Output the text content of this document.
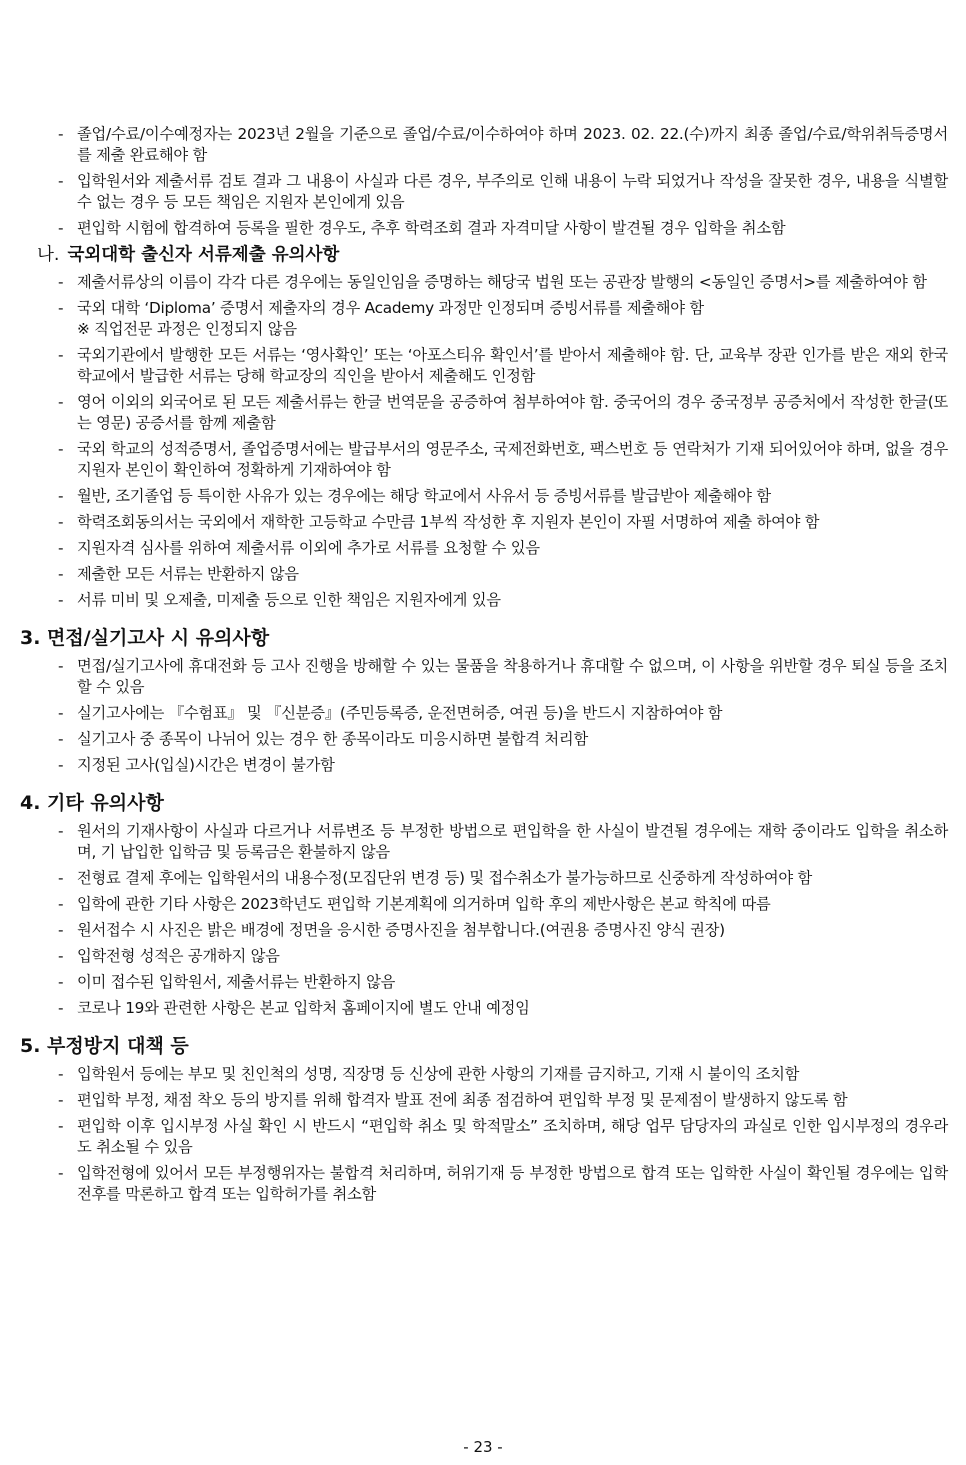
- 졸업/수료/이수예정자는 2023년 2월을 기준으로 졸업/수료/이수하여야 하며 2023. 02. 22.(수)까지 최종 졸업/수료/학위취득증명서를 제출 완료해야 함
- 입학원서와 제출서류 검토 결과 그 내용이 사실과 다른 경우, 부주의로 인해 내용이 누락 되었거나 작성을 잘못한 경우, 내용을 식별할 수 없는 경우 등 모든 책임은 지원자 본인에게 있음
- 편입학 시험에 합격하여 등록을 필한 경우도, 추후 학력조회 결과 자격미달 사항이 발견될 경우 입학을 취소함
나. 국외대학 출신자 서류제출 유의사항
- 제출서류상의 이름이 각각 다른 경우에는 동일인임을 증명하는 해당국 법원 또는 공관장 발행의 <동일인 증명서>를 제출하여야 함
- 국외 대학 ‘Diploma’ 증명서 제출자의 경우 Academy 과정만 인정되며 증빙서류를 제출해야 함
※ 직업전문 과정은 인정되지 않음
- 국외기관에서 발행한 모든 서류는 ‘영사확인’ 또는 ‘아포스티유 확인서’를 받아서 제출해야 함. 단, 교육부 장관 인가를 받은 재외 한국학교에서 발급한 서류는 당해 학교장의 직인을 받아서 제출해도 인정함
- 영어 이외의 외국어로 된 모든 제출서류는 한글 번역문을 공증하여 첨부하여야 함. 중국어의 경우 중국정부 공증처에서 작성한 한글(또는 영문) 공증서를 함께 제출함
- 국외 학교의 성적증명서, 졸업증명서에는 발급부서의 영문주소, 국제전화번호, 팩스번호 등 연락처가 기재 되어있어야 하며, 없을 경우 지원자 본인이 확인하여 정확하게 기재하여야 함
- 월반, 조기졸업 등 특이한 사유가 있는 경우에는 해당 학교에서 사유서 등 증빙서류를 발급받아 제출해야 함
- 학력조회동의서는 국외에서 재학한 고등학교 수만큼 1부씩 작성한 후 지원자 본인이 자필 서명하여 제출 하여야 함
- 지원자격 심사를 위하여 제출서류 이외에 추가로 서류를 요청할 수 있음
- 제출한 모든 서류는 반환하지 않음
- 서류 미비 및 오제출, 미제출 등으로 인한 책임은 지원자에게 있음
3. 면접/실기고사 시 유의사항
- 면접/실기고사에 휴대전화 등 고사 진행을 방해할 수 있는 물품을 착용하거나 휴대할 수 없으며, 이 사항을 위반할 경우 퇴실 등을 조치 할 수 있음
- 실기고사에는 『수험표』 및 『신분증』(주민등록증, 운전면허증, 여권 등)을 반드시 지참하여야 함
- 실기고사 중 종목이 나뉘어 있는 경우 한 종목이라도 미응시하면 불합격 처리함
- 지정된 고사(입실)시간은 변경이 불가함
4. 기타 유의사항
- 원서의 기재사항이 사실과 다르거나 서류변조 등 부정한 방법으로 편입학을 한 사실이 발견될 경우에는 재학 중이라도 입학을 취소하며, 기 납입한 입학금 및 등록금은 환불하지 않음
- 전형료 결제 후에는 입학원서의 내용수정(모집단위 변경 등) 및 접수취소가 불가능하므로 신중하게 작성하여야 함
- 입학에 관한 기타 사항은 2023학년도 편입학 기본계획에 의거하며 입학 후의 제반사항은 본교 학칙에 따름
- 원서접수 시 사진은 밝은 배경에 정면을 응시한 증명사진을 첨부합니다.(여권용 증명사진 양식 권장)
- 입학전형 성적은 공개하지 않음
- 이미 접수된 입학원서, 제출서류는 반환하지 않음
- 코로나 19와 관련한 사항은 본교 입학처 홈페이지에 별도 안내 예정임
5. 부정방지 대책 등
- 입학원서 등에는 부모 및 친인척의 성명, 직장명 등 신상에 관한 사항의 기재를 금지하고, 기재 시 불이익 조치함
- 편입학 부정, 채점 착오 등의 방지를 위해 합격자 발표 전에 최종 점검하여 편입학 부정 및 문제점이 발생하지 않도록 함
- 편입학 이후 입시부정 사실 확인 시 반드시 “편입학 취소 및 학적말소” 조치하며, 해당 업무 담당자의 과실로 인한 입시부정의 경우라도 취소될 수 있음
- 입학전형에 있어서 모든 부정행위자는 불합격 처리하며, 허위기재 등 부정한 방법으로 합격 또는 입학한 사실이 확인될 경우에는 입학 전후를 막론하고 합격 또는 입학허가를 취소함
- 23 -
